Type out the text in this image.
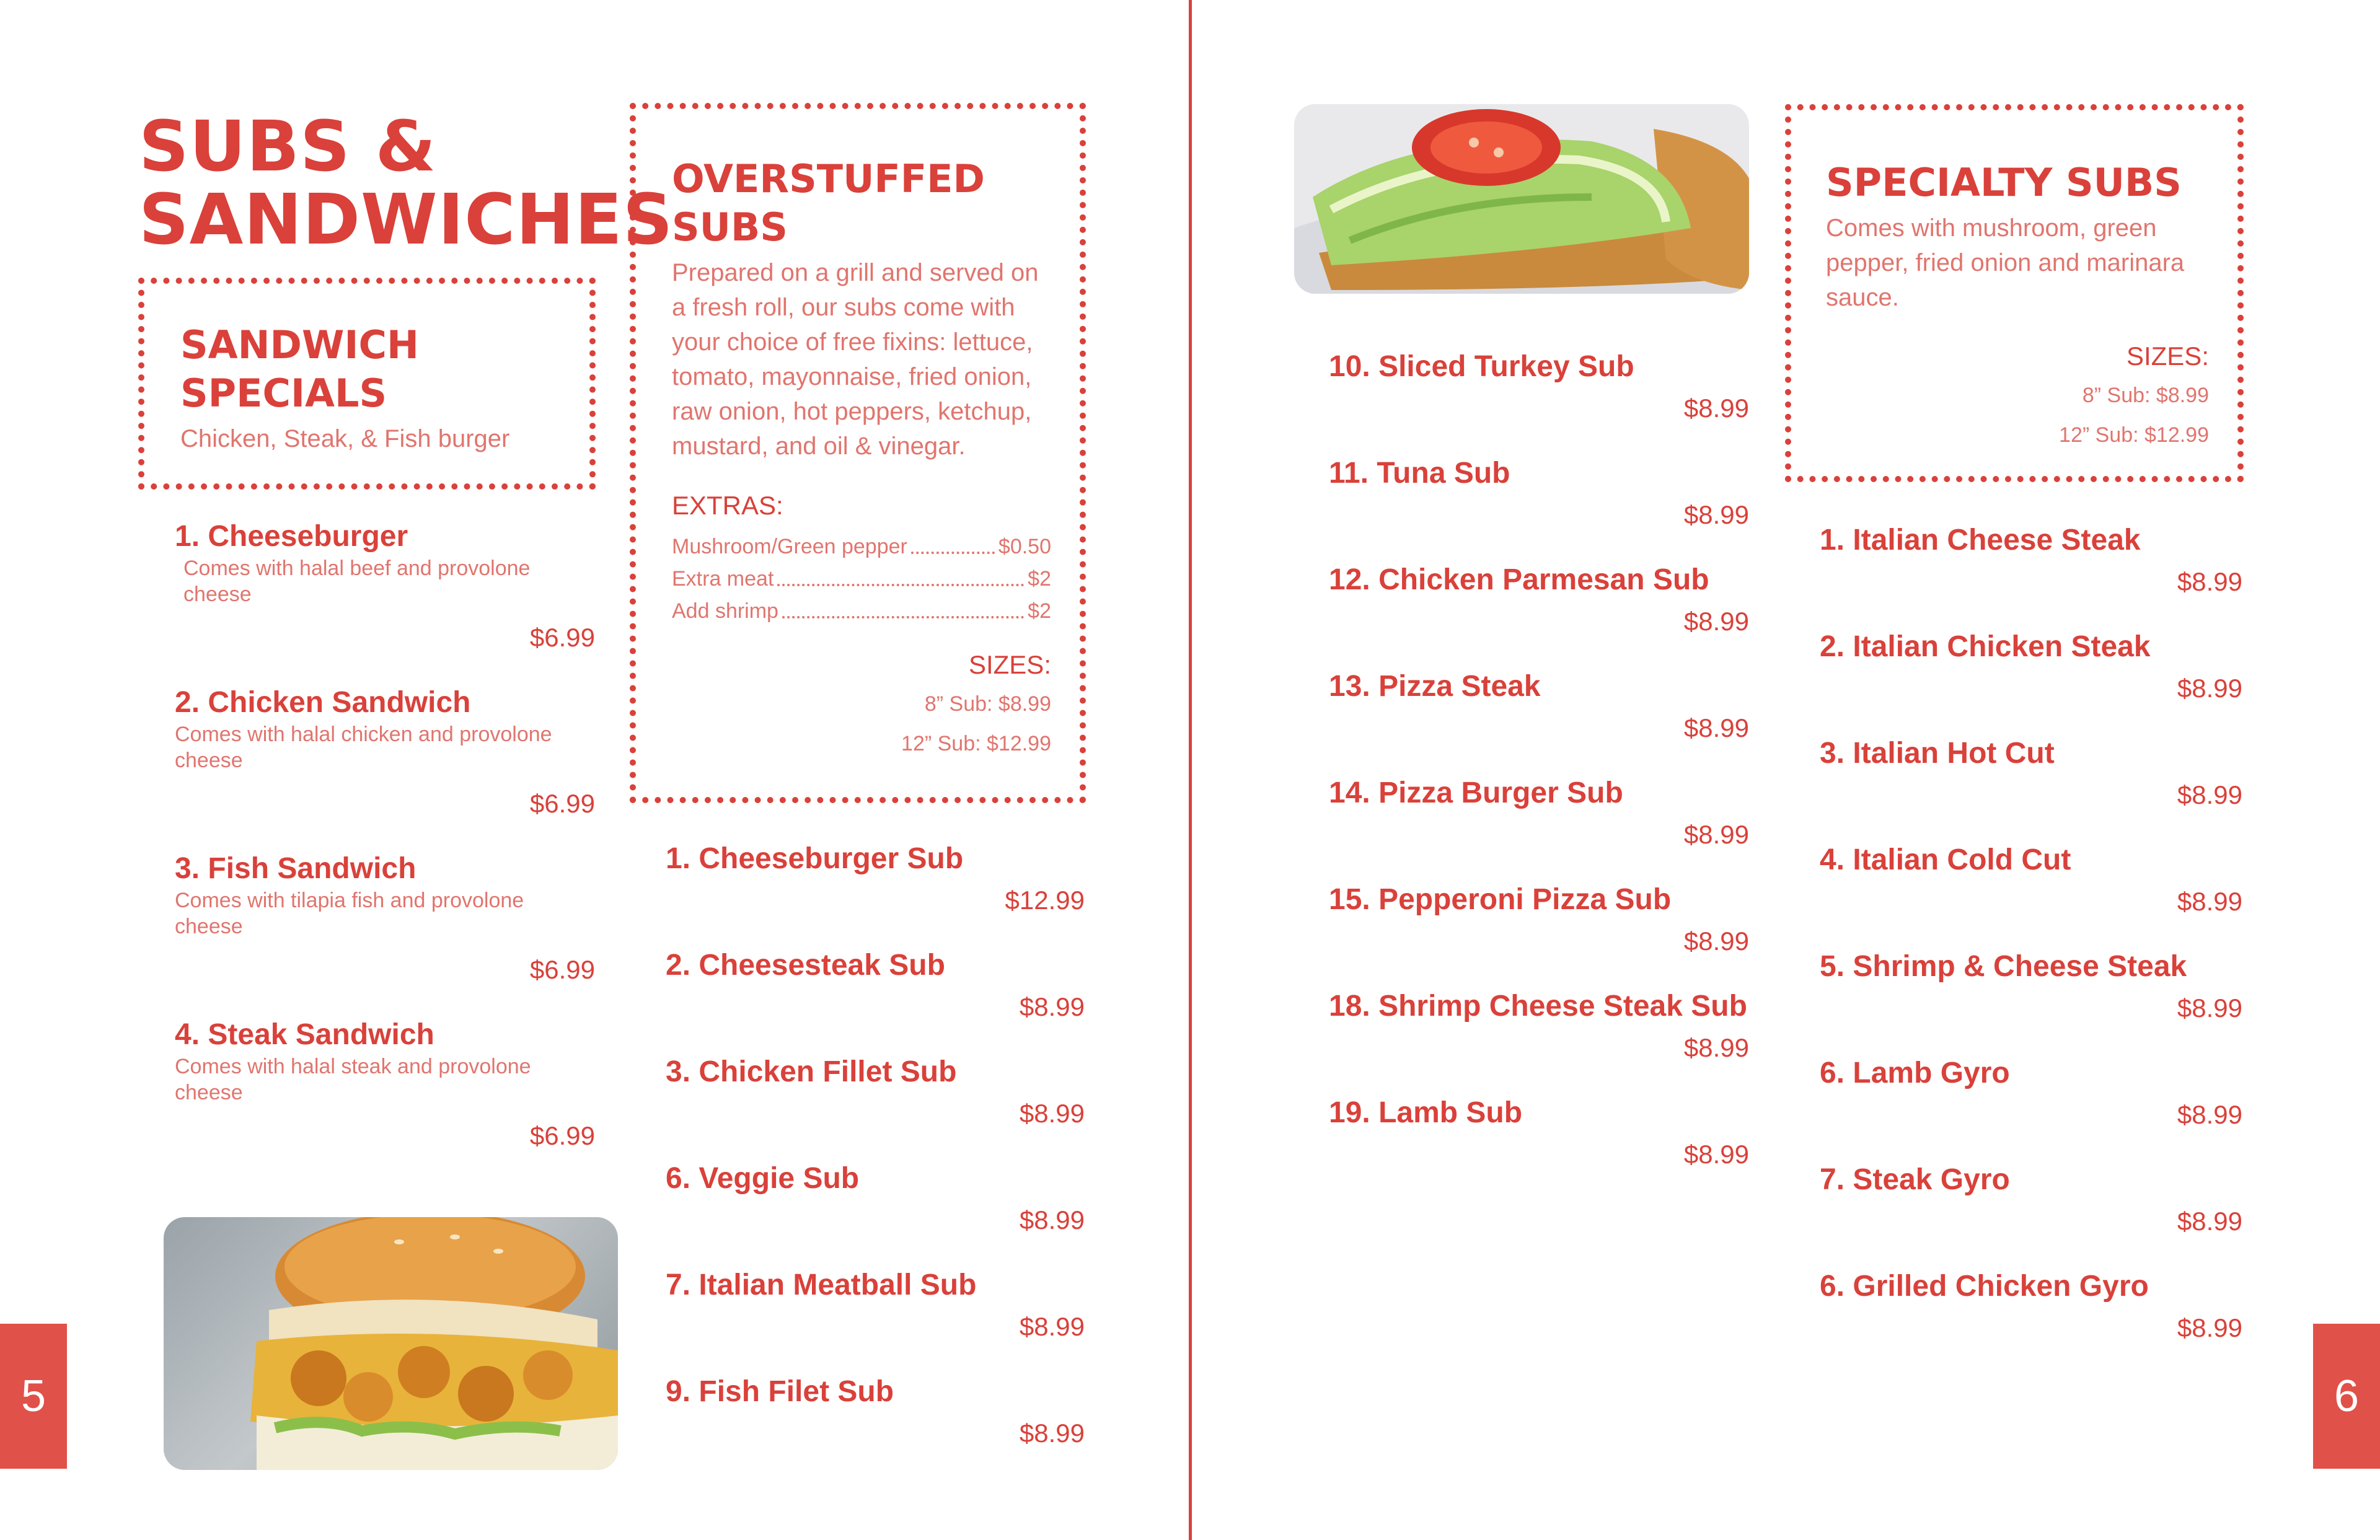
SUBS &
SANDWICHES
SANDWICH
SPECIALS
Chicken, Steak, & Fish burger
1. Cheeseburger
Comes with halal beef and provolone cheese
$6.99
2. Chicken Sandwich
Comes with halal chicken and provolone cheese
$6.99
3. Fish Sandwich
Comes with tilapia fish and provolone cheese
$6.99
4. Steak Sandwich
Comes with halal steak and provolone cheese
$6.99
OVERSTUFFED
SUBS
Prepared on a grill and served on a fresh roll, our subs come with your choice of free fixins: lettuce, tomato, mayonnaise, fried onion, raw onion, hot peppers, ketchup, mustard, and oil & vinegar.
EXTRAS:
Mushroom/Green pepper	$0.50
Extra meat	$2
Add shrimp	$2
SIZES:
8” Sub: $8.99
12” Sub: $12.99
1. Cheeseburger Sub
$12.99
2. Cheesesteak Sub
$8.99
3. Chicken Fillet Sub
$8.99
6. Veggie Sub
$8.99
7. Italian Meatball Sub
$8.99
9. Fish Filet Sub
$8.99
5
10. Sliced Turkey Sub
$8.99
11. Tuna Sub
$8.99
12. Chicken Parmesan Sub
$8.99
13. Pizza Steak
$8.99
14. Pizza Burger Sub
$8.99
15. Pepperoni Pizza Sub
$8.99
18. Shrimp Cheese Steak Sub
$8.99
19. Lamb Sub
$8.99
SPECIALTY SUBS
Comes with mushroom, green pepper, fried onion and marinara sauce.
SIZES:
8” Sub: $8.99
12” Sub: $12.99
1. Italian Cheese Steak
$8.99
2. Italian Chicken Steak
$8.99
3. Italian Hot Cut
$8.99
4. Italian Cold Cut
$8.99
5. Shrimp & Cheese Steak
$8.99
6. Lamb Gyro
$8.99
7. Steak Gyro
$8.99
6. Grilled Chicken Gyro
$8.99
6
